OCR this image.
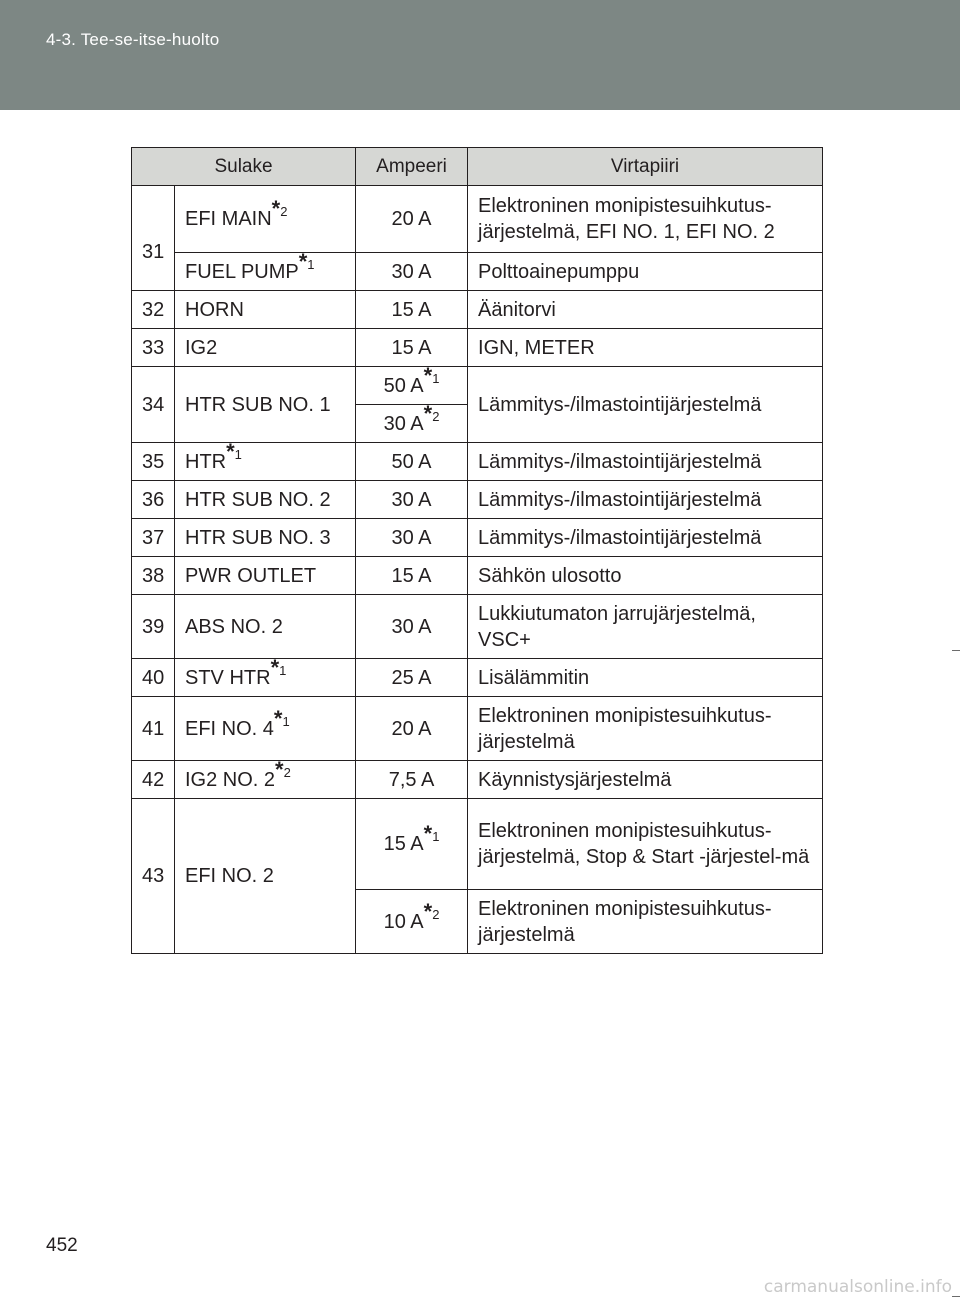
4-3. Tee-se-itse-huolto
Sulake		Ampeeri	Virtapiiri
31	EFI MAIN$^{*2}$	20 A	Elektroninen monipistesuihkutus-järjestelmä, EFI NO. 1, EFI NO. 2
	FUEL PUMP$^{*1}$	30 A	Polttoainepumppu
32	HORN	15 A	Äänitorvi
33	IG2	15 A	IGN, METER
34	HTR SUB NO. 1	50 $A^{*1}$	Lämmitys-/ilmastointijärjestelmä
		30 $A^{*2}$
35	HTR$^{*1}$	50 A	Lämmitys-/ilmastointijärjestelmä
36	HTR SUB NO. 2	30 A	Lämmitys-/ilmastointijärjestelmä
37	HTR SUB NO. 3	30 A	Lämmitys-/ilmastointijärjestelmä
38	PWR OUTLET	15 A	Sähkön ulosotto
39	ABS NO. 2	30 A	Lukkiutumaton jarrujärjestelmä, VSC+
40	STV HTR$^{*1}$	25 A	Lisälämmitin
41	EFI NO. 4$^{*1}$	20 A	Elektroninen monipistesuihkutus-järjestelmä
42	IG2 NO. 2$^{*2}$	7,5 A	Käynnistysjärjestelmä
43	EFI NO. 2	15 $A^{*1}$	Elektroninen monipistesuihkutus-järjestelmä, Stop & Start -järjestel-mä
		10 $A^{*2}$	Elektroninen monipistesuihkutus-järjestelmä
452
carmanualsonline.info
